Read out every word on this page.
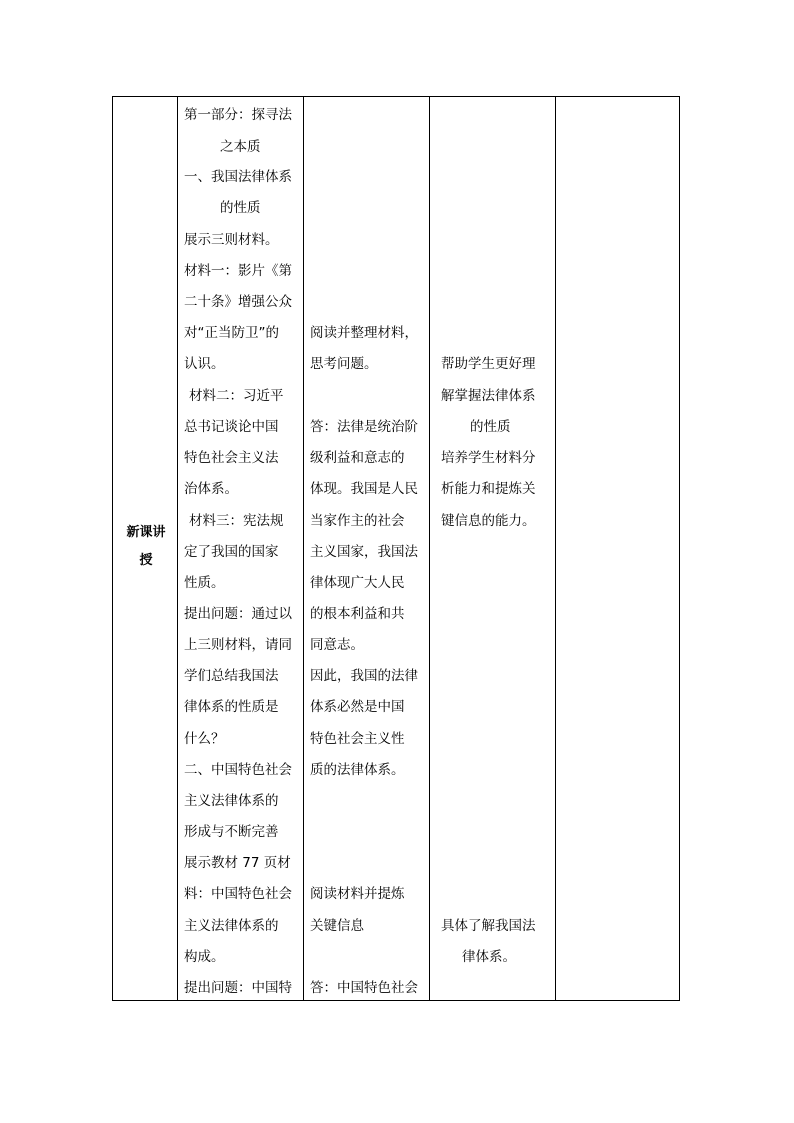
新课讲
授
第一部分：探寻法
之本质
一、我国法律体系
的性质
展示三则材料。
材料一：影片《第
二十条》增强公众
对“正当防卫”的
认识。
材料二：习近平
总书记谈论中国
特色社会主义法
治体系。
材料三：宪法规
定了我国的国家
性质。
提出问题：通过以
上三则材料，请同
学们总结我国法
律体系的性质是
什么？
二、中国特色社会
主义法律体系的
形成与不断完善
展示教材 77 页材
料：中国特色社会
主义法律体系的
构成。
提出问题：中国特
阅读并整理材料，
思考问题。
答：法律是统治阶
级利益和意志的
体现。我国是人民
当家作主的社会
主义国家，我国法
律体现广大人民
的根本利益和共
同意志。
因此，我国的法律
体系必然是中国
特色社会主义性
质的法律体系。
阅读材料并提炼
关键信息
答：中国特色社会
帮助学生更好理
解掌握法律体系
的性质
培养学生材料分
析能力和提炼关
键信息的能力。
具体了解我国法
律体系。
